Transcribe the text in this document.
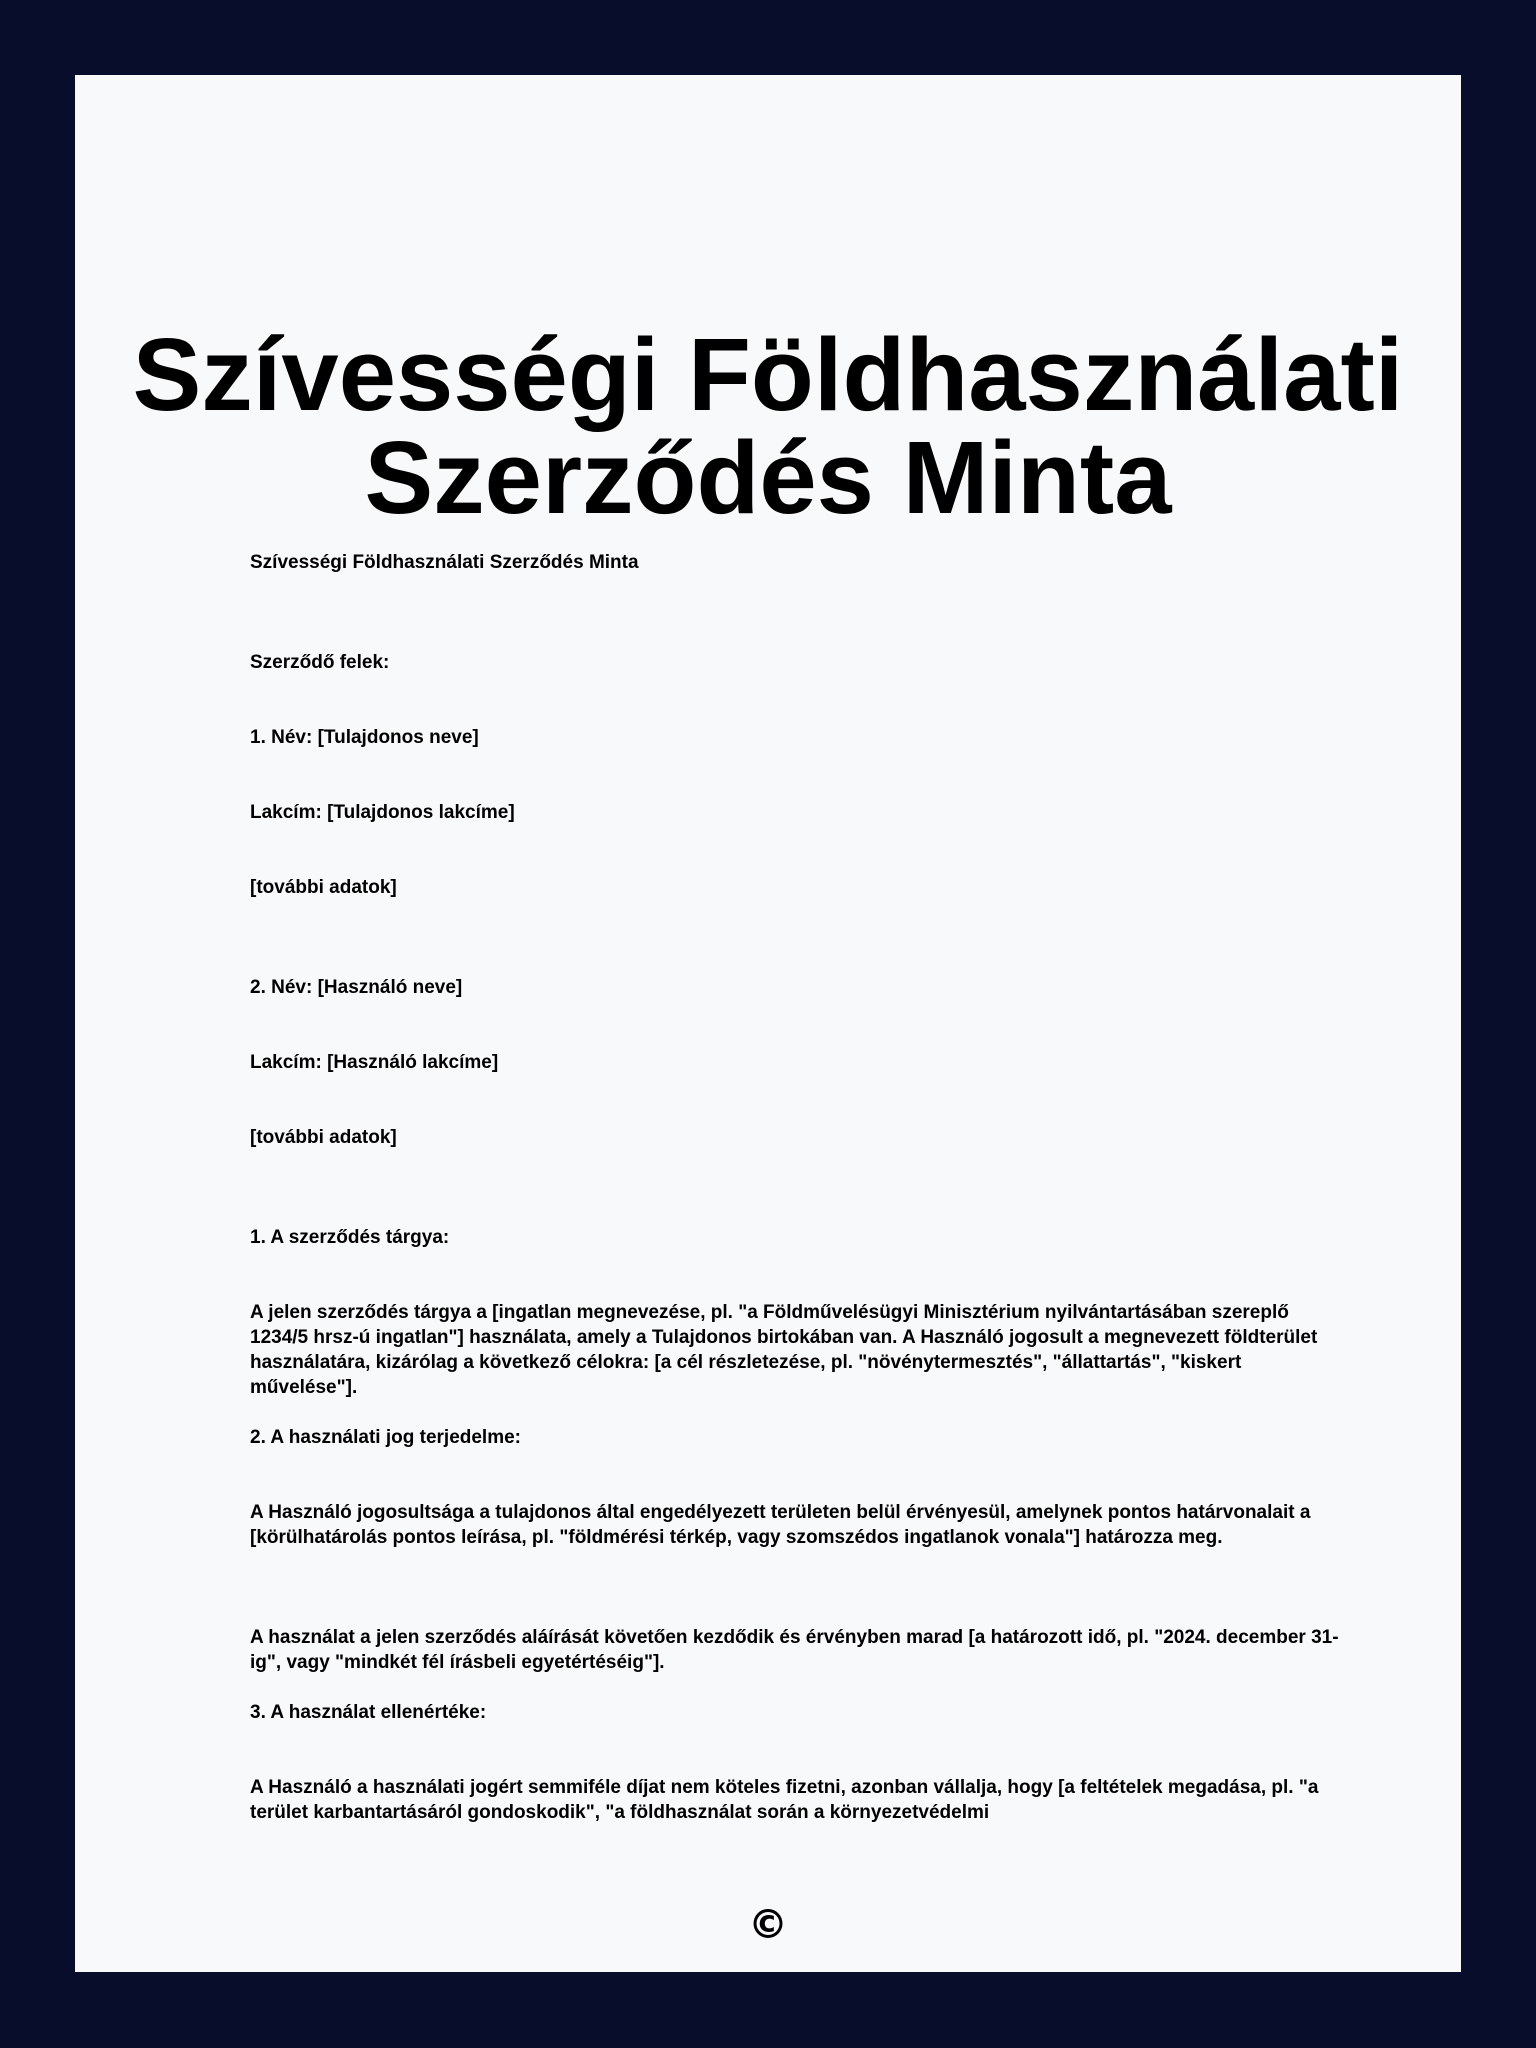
Szívességi Földhasználati
Szerződés Minta

Szívességi Földhasználati Szerződés Minta

Szerződő felek:

1. Név: [Tulajdonos neve]

Lakcím: [Tulajdonos lakcíme]

[további adatok]

2. Név: [Használó neve]

Lakcím: [Használó lakcíme]

[további adatok]

1. A szerződés tárgya:

A jelen szerződés tárgya a [ingatlan megnevezése, pl. "a Földművelésügyi Minisztérium nyilvántartásában szereplő 1234/5 hrsz-ú ingatlan"] használata, amely a Tulajdonos birtokában van. A Használó jogosult a megnevezett földterület használatára, kizárólag a következő célokra: [a cél részletezése, pl. "növénytermesztés", "állattartás", "kiskert művelése"].

2. A használati jog terjedelme:

A Használó jogosultsága a tulajdonos által engedélyezett területen belül érvényesül, amelynek pontos határvonalait a [körülhatárolás pontos leírása, pl. "földmérési térkép, vagy szomszédos ingatlanok vonala"] határozza meg.

A használat a jelen szerződés aláírását követően kezdődik és érvényben marad [a határozott idő, pl. "2024. december 31-ig", vagy "mindkét fél írásbeli egyetértéséig"].

3. A használat ellenértéke:

A Használó a használati jogért semmiféle díjat nem köteles fizetni, azonban vállalja, hogy [a feltételek megadása, pl. "a terület karbantartásáról gondoskodik", "a földhasználat során a környezetvédelmi

©
